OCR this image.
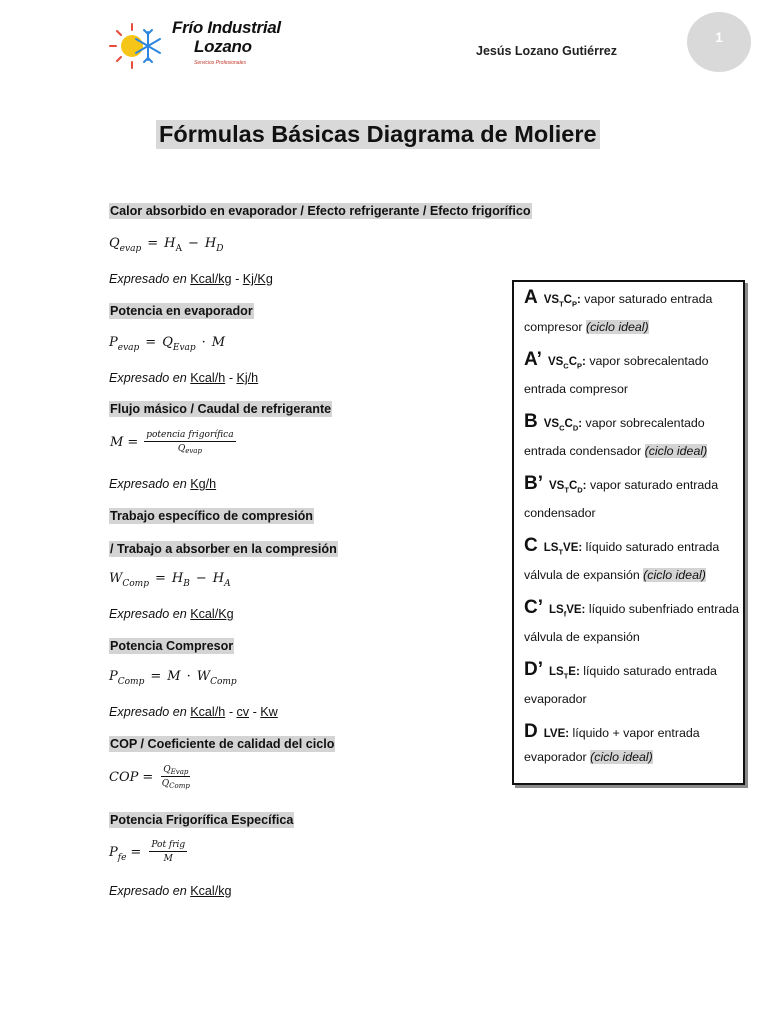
Frío Industrial
Lozano
Servicios Profesionales
Jesús Lozano Gutiérrez
1
Fórmulas Básicas Diagrama de Moliere
Calor absorbido en evaporador / Efecto refrigerante / Efecto frigorífico
$Q_{evap} = H_A - H_D$
Expresado en Kcal/kg - Kj/Kg
Potencia en evaporador
$P_{evap} = Q_{Evap} \cdot M$
Expresado en Kcal/h - Kj/h
Flujo másico / Caudal de refrigerante
$M = \frac{\text{potencia frigorífica}}{Q_{evap}}$
Expresado en Kg/h
Trabajo específico de compresión
/ Trabajo a absorber en la compresión
$W_{Comp} = H_B - H_A$
Expresado en Kcal/Kg
Potencia Compresor
$P_{Comp} = M \cdot W_{Comp}$
Expresado en Kcal/h - cv - Kw
COP / Coeficiente de calidad del ciclo
COP = $\frac{Q_{Evap}}{Q_{Comp}}$
Potencia Frigorífica Específica
$P_{fe} = \frac{\text{Pot frig}}{M}$
Expresado en Kcal/kg
$AVS_TC_P$: vapor saturado entrada compresor (ciclo ideal)
A’ $VS_CC_P$: vapor sobrecalentado entrada compresor
$BVS_CC_D$: vapor sobrecalentado entrada condensador (ciclo ideal)
B’ $VS_TC_D$: vapor saturado entrada condensador
$CLS_TVE$: líquido saturado entrada válvula de expansión (ciclo ideal)
C’ $LS_fVE$: líquido subenfriado entrada válvula de expansión
D’ $LS_TE$: líquido saturado entrada evaporador
DLVE: líquido + vapor entrada evaporador (ciclo ideal)
